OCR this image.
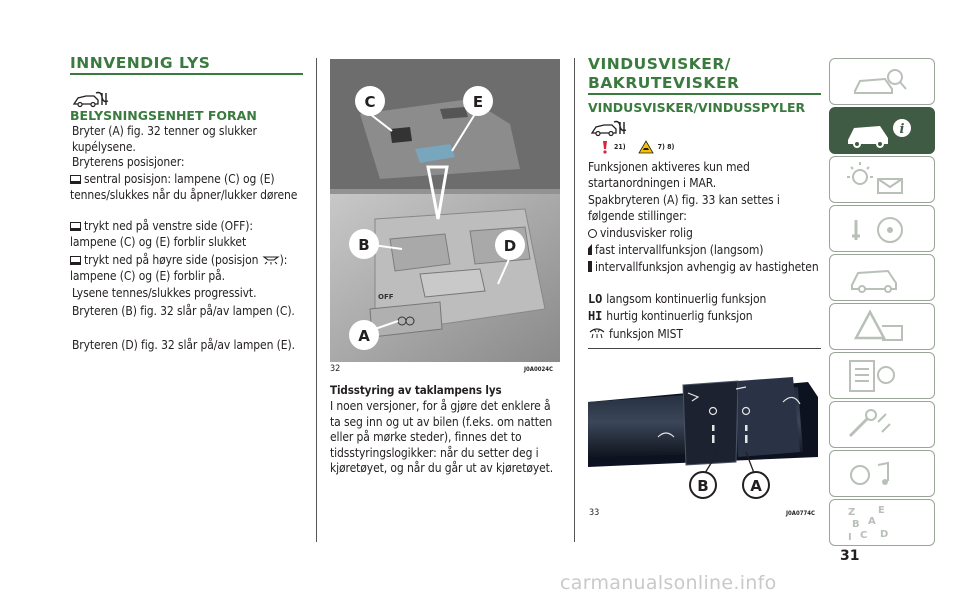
INNVENDIG LYS
BELYSNINGSENHET FORAN
Bryter (A) fig. 32 tenner og slukker kupélysene.
Bryterens posisjoner:
sentral posisjon: lampene (C) og (E) tennes/slukkes når du åpner/lukker dørene
trykt ned på venstre side (OFF): lampene (C) og (E) forblir slukket
trykt ned på høyre side (posisjon ): lampene (C) og (E) forblir på.
Lysene tennes/slukkes progressivt.
Bryteren (B) fig. 32 slår på/av lampen (C).
Bryteren (D) fig. 32 slår på/av lampen (E).
OFF
C	E
B	D
A
32	J0A0024C
Tidsstyring av taklampens lys
I noen versjoner, for å gjøre det enklere å ta seg inn og ut av bilen (f.eks. om natten eller på mørke steder), finnes det to tidsstyringslogikker: når du setter deg i kjøretøyet, og når du går ut av kjøretøyet.
VINDUSVISKER/ BAKRUTEVISKER
VINDUSVISKER/VINDUSSPYLER
21)	7) 8)
Funksjonen aktiveres kun med startanordningen i MAR.
Spakbryteren (A) fig. 33 kan settes i følgende stillinger:
vindusvisker rolig
fast intervallfunksjon (langsom)
intervallfunksjon avhengig av hastigheten
LO langsom kontinuerlig funksjon
HI hurtig kontinuerlig funksjon
funksjon MIST
B	A
33	J0A0774C
i
Z E
B A
I C D
31
carmanualsonline.info
